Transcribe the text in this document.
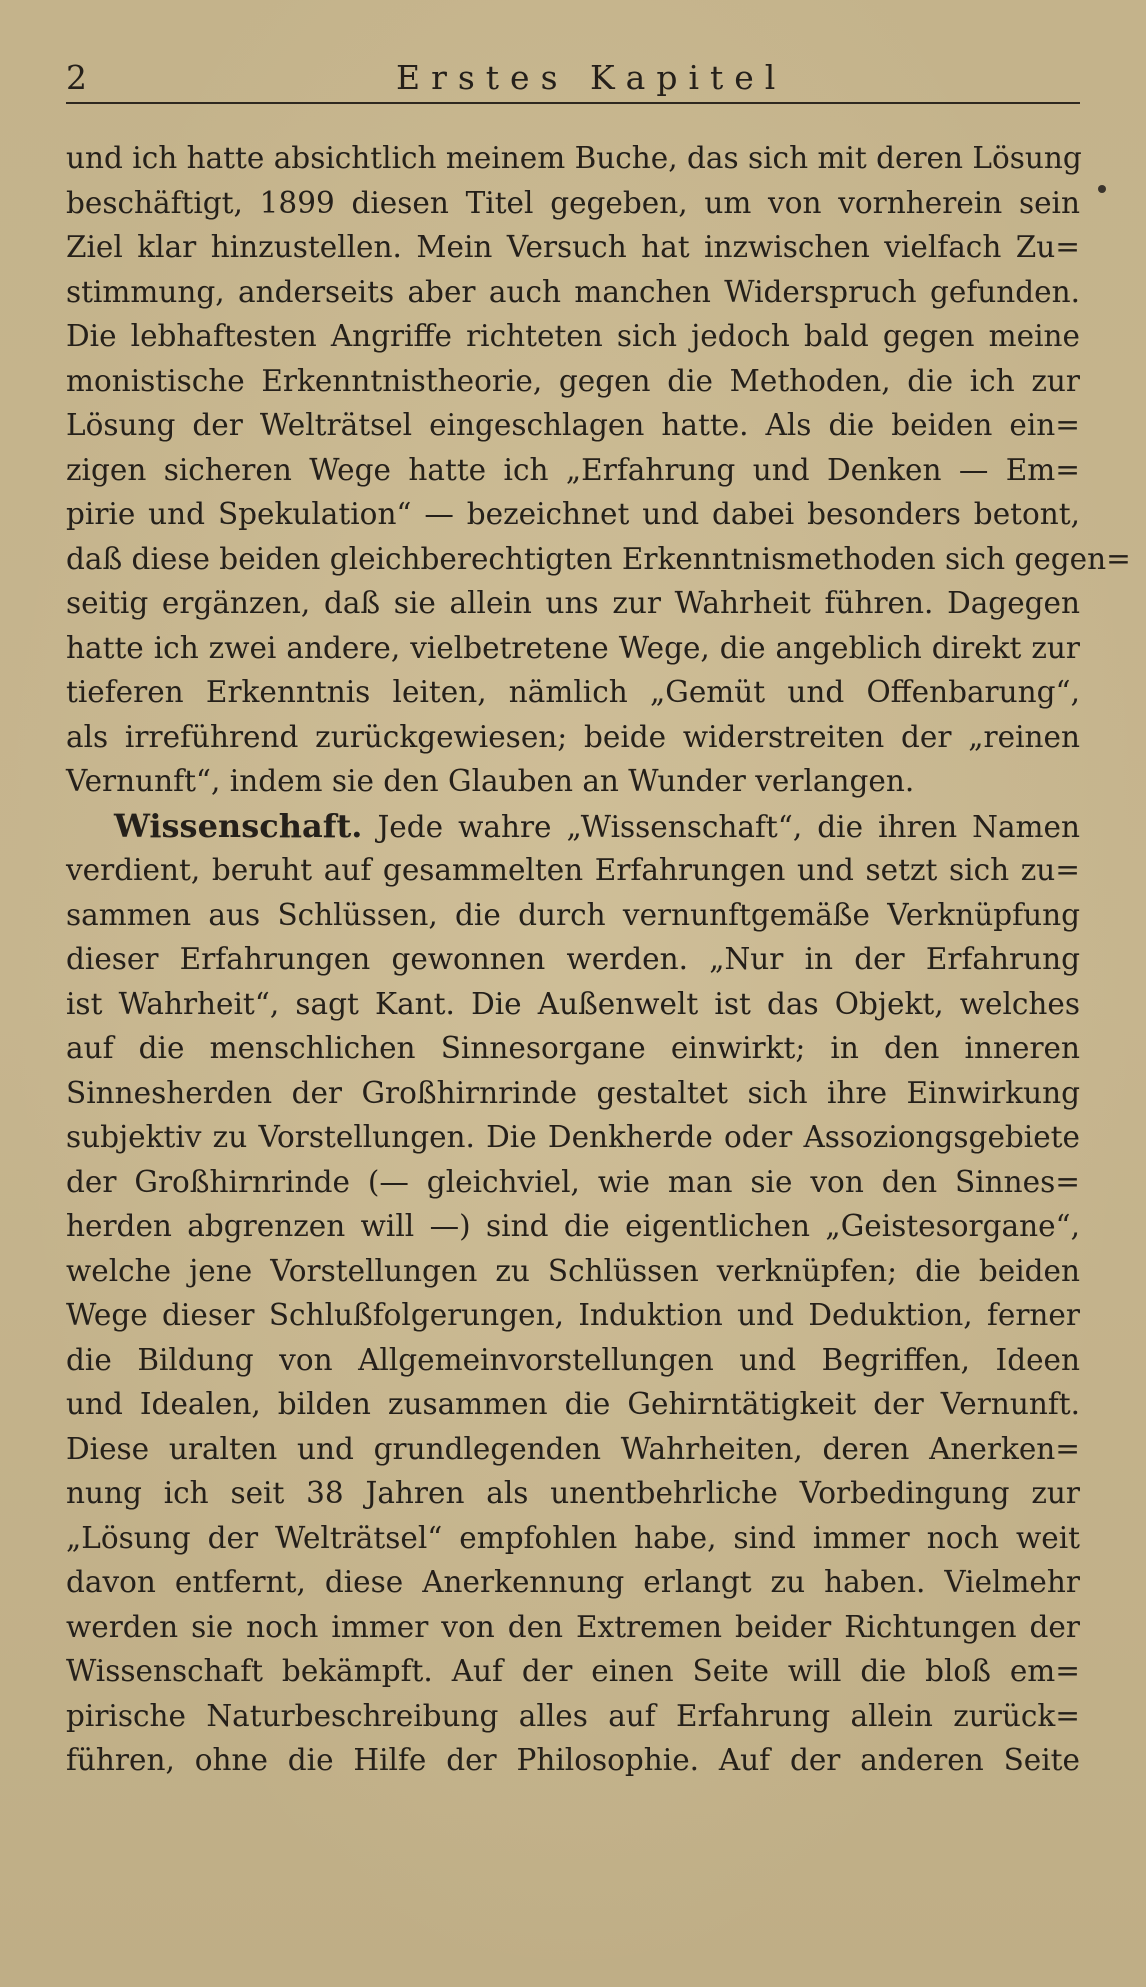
2	Erstes Kapitel
und ich hatte absichtlich meinem Buche, das sich mit deren Lösung
beschäftigt, 1899 diesen Titel gegeben, um von vornherein sein
Ziel klar hinzustellen. Mein Versuch hat inzwischen vielfach Zu=
stimmung, anderseits aber auch manchen Widerspruch gefunden.
Die lebhaftesten Angriffe richteten sich jedoch bald gegen meine
monistische Erkenntnistheorie, gegen die Methoden, die ich zur
Lösung der Welträtsel eingeschlagen hatte. Als die beiden ein=
zigen sicheren Wege hatte ich „Erfahrung und Denken — Em=
pirie und Spekulation“ — bezeichnet und dabei besonders betont,
daß diese beiden gleichberechtigten Erkenntnismethoden sich gegen=
seitig ergänzen, daß sie allein uns zur Wahrheit führen. Dagegen
hatte ich zwei andere, vielbetretene Wege, die angeblich direkt zur
tieferen Erkenntnis leiten, nämlich „Gemüt und Offenbarung“,
als irreführend zurückgewiesen; beide widerstreiten der „reinen
Vernunft“, indem sie den Glauben an Wunder verlangen.
Wissenschaft. Jede wahre „Wissenschaft“, die ihren Namen
verdient, beruht auf gesammelten Erfahrungen und setzt sich zu=
sammen aus Schlüssen, die durch vernunftgemäße Verknüpfung
dieser Erfahrungen gewonnen werden. „Nur in der Erfahrung
ist Wahrheit“, sagt Kant. Die Außenwelt ist das Objekt, welches
auf die menschlichen Sinnesorgane einwirkt; in den inneren
Sinnesherden der Großhirnrinde gestaltet sich ihre Einwirkung
subjektiv zu Vorstellungen. Die Denkherde oder Assoziongsgebiete
der Großhirnrinde (— gleichviel, wie man sie von den Sinnes=
herden abgrenzen will —) sind die eigentlichen „Geistesorgane“,
welche jene Vorstellungen zu Schlüssen verknüpfen; die beiden
Wege dieser Schlußfolgerungen, Induktion und Deduktion, ferner
die Bildung von Allgemeinvorstellungen und Begriffen, Ideen
und Idealen, bilden zusammen die Gehirntätigkeit der Vernunft.
Diese uralten und grundlegenden Wahrheiten, deren Anerken=
nung ich seit 38 Jahren als unentbehrliche Vorbedingung zur
„Lösung der Welträtsel“ empfohlen habe, sind immer noch weit
davon entfernt, diese Anerkennung erlangt zu haben. Vielmehr
werden sie noch immer von den Extremen beider Richtungen der
Wissenschaft bekämpft. Auf der einen Seite will die bloß em=
pirische Naturbeschreibung alles auf Erfahrung allein zurück=
führen, ohne die Hilfe der Philosophie. Auf der anderen Seite
